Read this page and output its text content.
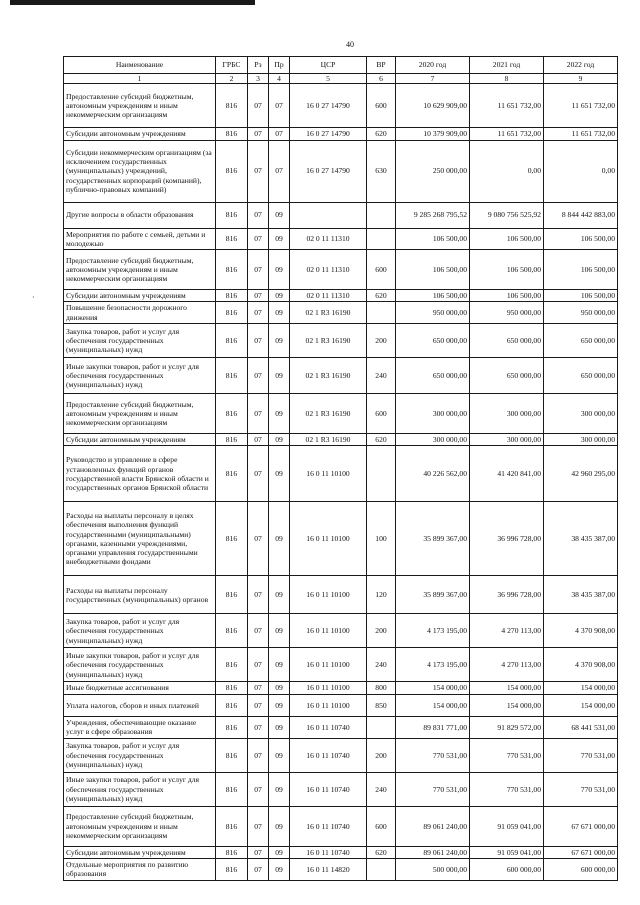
40
·
Наименование	ГРБС	Рз	Пр	ЦСР	ВР	2020 год	2021 год	2022 год
1	2	3	4	5	6	7	8	9
Предоставление субсидий бюджетным, автономным учреждениям и иным некоммерческим организациям	816	07	07	16 0 27 14790	600	10 629 909,00	11 651 732,00	11 651 732,00
Субсидии автономным учреждениям	816	07	07	16 0 27 14790	620	10 379 909,00	11 651 732,00	11 651 732,00
Субсидии некоммерческим организациям (за исключением государственных (муниципальных) учреждений, государственных корпораций (компаний), публично-правовых компаний)	816	07	07	16 0 27 14790	630	250 000,00	0,00	0,00
Другие вопросы в области образования	816	07	09			9 285 268 795,52	9 080 756 525,92	8 844 442 883,00
Мероприятия по работе с семьей, детьми и молодежью	816	07	09	02 0 11 11310		106 500,00	106 500,00	106 500,00
Предоставление субсидий бюджетным, автономным учреждениям и иным некоммерческим организациям	816	07	09	02 0 11 11310	600	106 500,00	106 500,00	106 500,00
Субсидии автономным учреждениям	816	07	09	02 0 11 11310	620	106 500,00	106 500,00	106 500,00
Повышение безопасности дорожного движения	816	07	09	02 1 R3 16190		950 000,00	950 000,00	950 000,00
Закупка товаров, работ и услуг для обеспечения государственных (муниципальных) нужд	816	07	09	02 1 R3 16190	200	650 000,00	650 000,00	650 000,00
Иные закупки товаров, работ и услуг для обеспечения государственных (муниципальных) нужд	816	07	09	02 1 R3 16190	240	650 000,00	650 000,00	650 000,00
Предоставление субсидий бюджетным, автономным учреждениям и иным некоммерческим организациям	816	07	09	02 1 R3 16190	600	300 000,00	300 000,00	300 000,00
Субсидии автономным учреждениям	816	07	09	02 1 R3 16190	620	300 000,00	300 000,00	300 000,00
Руководство и управление в сфере установленных функций органов государственной власти Брянской области и государственных органов Брянской области	816	07	09	16 0 11 10100		40 226 562,00	41 420 841,00	42 960 295,00
Расходы на выплаты персоналу в целях обеспечения выполнения функций государственными (муниципальными) органами, казенными учреждениями, органами управления государственными внебюджетными фондами	816	07	09	16 0 11 10100	100	35 899 367,00	36 996 728,00	38 435 387,00
Расходы на выплаты персоналу государственных (муниципальных) органов	816	07	09	16 0 11 10100	120	35 899 367,00	36 996 728,00	38 435 387,00
Закупка товаров, работ и услуг для обеспечения государственных (муниципальных) нужд	816	07	09	16 0 11 10100	200	4 173 195,00	4 270 113,00	4 370 908,00
Иные закупки товаров, работ и услуг для обеспечения государственных (муниципальных) нужд	816	07	09	16 0 11 10100	240	4 173 195,00	4 270 113,00	4 370 908,00
Иные бюджетные ассигнования	816	07	09	16 0 11 10100	800	154 000,00	154 000,00	154 000,00
Уплата налогов, сборов и иных платежей	816	07	09	16 0 11 10100	850	154 000,00	154 000,00	154 000,00
Учреждения, обеспечивающие оказание услуг в сфере образования	816	07	09	16 0 11 10740		89 831 771,00	91 829 572,00	68 441 531,00
Закупка товаров, работ и услуг для обеспечения государственных (муниципальных) нужд	816	07	09	16 0 11 10740	200	770 531,00	770 531,00	770 531,00
Иные закупки товаров, работ и услуг для обеспечения государственных (муниципальных) нужд	816	07	09	16 0 11 10740	240	770 531,00	770 531,00	770 531,00
Предоставление субсидий бюджетным, автономным учреждениям и иным некоммерческим организациям	816	07	09	16 0 11 10740	600	89 061 240,00	91 059 041,00	67 671 000,00
Субсидии автономным учреждениям	816	07	09	16 0 11 10740	620	89 061 240,00	91 059 041,00	67 671 000,00
Отдельные мероприятия по развитию образования	816	07	09	16 0 11 14820		500 000,00	600 000,00	600 000,00
